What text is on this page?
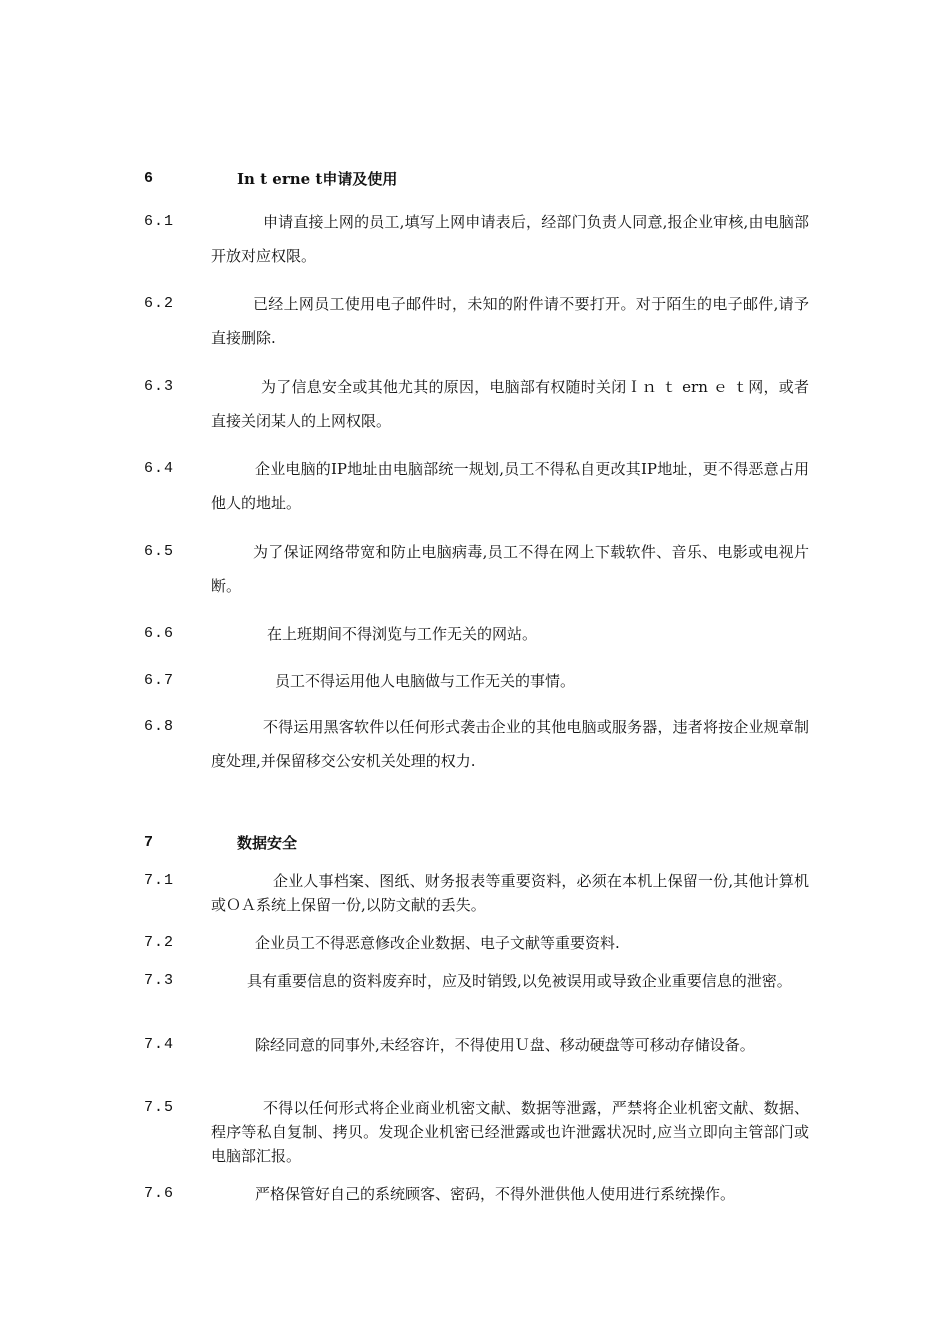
6	In t erne t申请及使用
6.1	申请直接上网的员工,填写上网申请表后，经部门负责人同意,报企业审核,由电脑部开放对应权限。

6.2	已经上网员工使用电子邮件时，未知的附件请不要打开。对于陌生的电子邮件,请予直接删除.

6.3	为了信息安全或其他尤其的原因，电脑部有权随时关闭Ｉｎ ｔ ern ｅ ｔ网，或者直接关闭某人的上网权限。

6.4	企业电脑的IP地址由电脑部统一规划,员工不得私自更改其IP地址，更不得恶意占用他人的地址。

6.5	为了保证网络带宽和防止电脑病毒,员工不得在网上下载软件、音乐、电影或电视片断。

6.6	在上班期间不得浏览与工作无关的网站。

6.7	员工不得运用他人电脑做与工作无关的事情。

6.8	不得运用黑客软件以任何形式袭击企业的其他电脑或服务器，违者将按企业规章制度处理,并保留移交公安机关处理的权力.

7	数据安全
7.1	企业人事档案、图纸、财务报表等重要资料，必须在本机上保留一份,其他计算机或ＯＡ系统上保留一份,以防文献的丢失。

7.2	企业员工不得恶意修改企业数据、电子文献等重要资料.

7.3	具有重要信息的资料废弃时，应及时销毁,以免被误用或导致企业重要信息的泄密。

7.4	除经同意的同事外,未经容许，不得使用Ｕ盘、移动硬盘等可移动存储设备。

7.5	不得以任何形式将企业商业机密文献、数据等泄露，严禁将企业机密文献、数据、程序等私自复制、拷贝。发现企业机密已经泄露或也许泄露状况时,应当立即向主管部门或电脑部汇报。

7.6	严格保管好自己的系统顾客、密码，不得外泄供他人使用进行系统操作。
